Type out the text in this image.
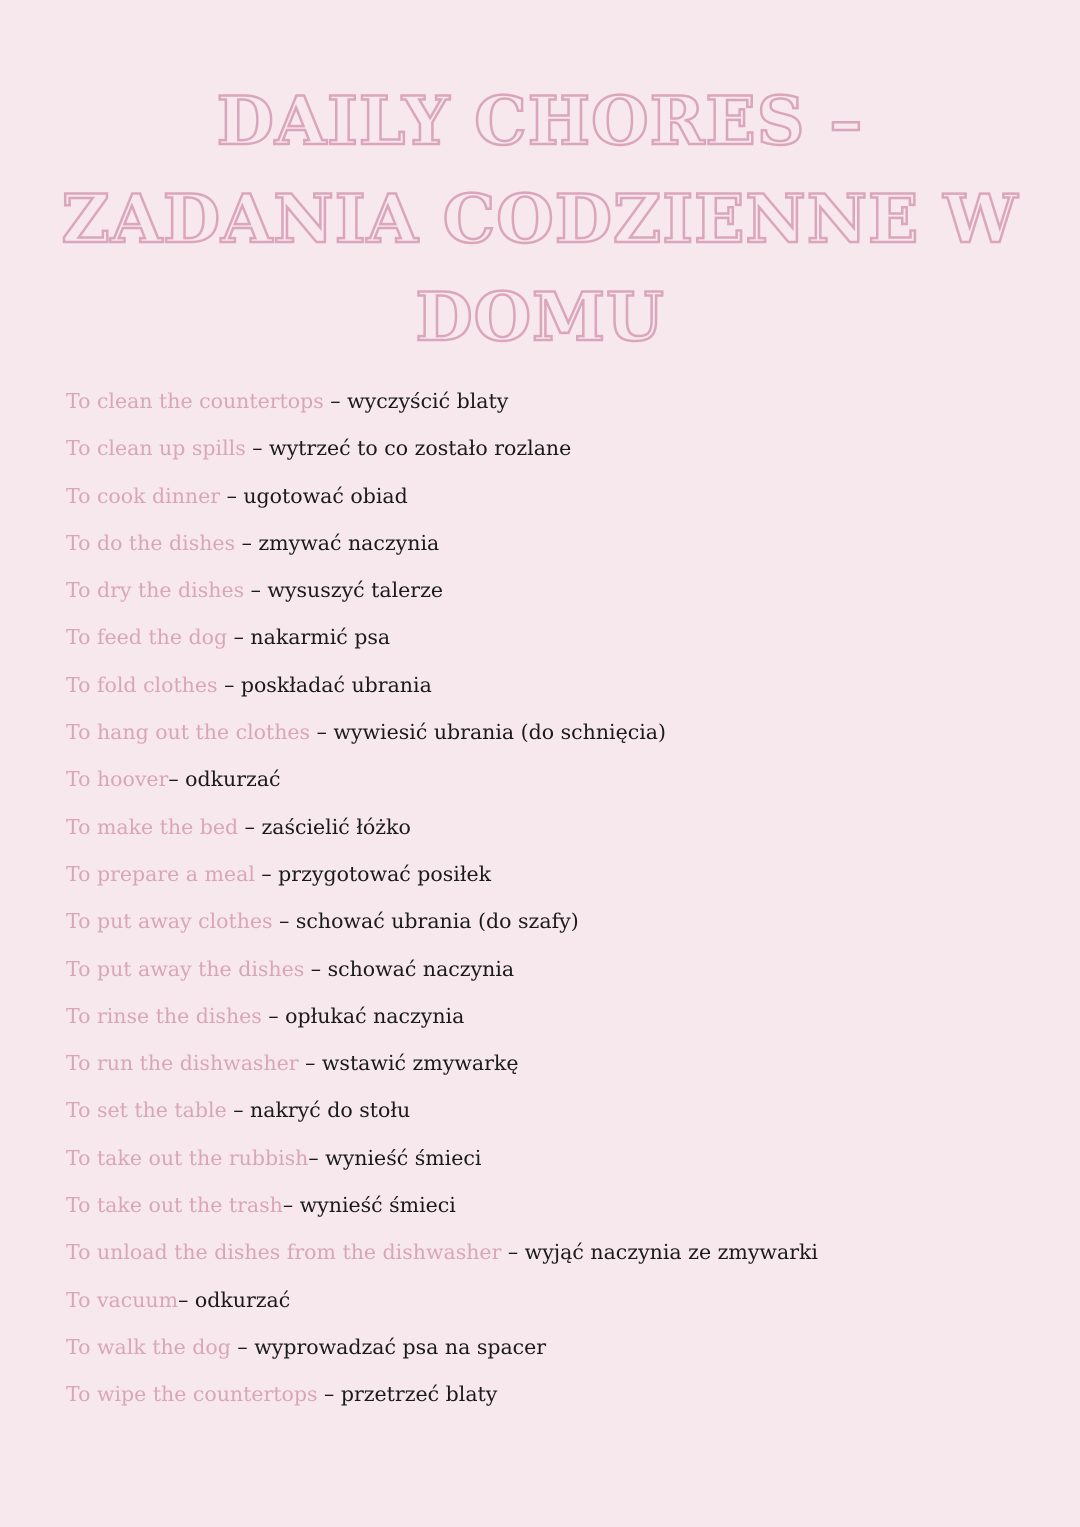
DAILY CHORES – ZADANIA CODZIENNE W DOMU
To clean the countertops – wyczyścić blaty
To clean up spills – wytrzeć to co zostało rozlane
To cook dinner – ugotować obiad
To do the dishes – zmywać naczynia
To dry the dishes – wysuszyć talerze
To feed the dog – nakarmić psa
To fold clothes – poskładać ubrania
To hang out the clothes – wywiesić ubrania (do schnięcia)
To hoover– odkurzać
To make the bed – zaścielić łóżko
To prepare a meal – przygotować posiłek
To put away clothes – schować ubrania (do szafy)
To put away the dishes – schować naczynia
To rinse the dishes – opłukać naczynia
To run the dishwasher – wstawić zmywarkę
To set the table – nakryć do stołu
To take out the rubbish– wynieść śmieci
To take out the trash– wynieść śmieci
To unload the dishes from the dishwasher – wyjąć naczynia ze zmywarki
To vacuum– odkurzać
To walk the dog – wyprowadzać psa na spacer
To wipe the countertops – przetrzeć blaty
